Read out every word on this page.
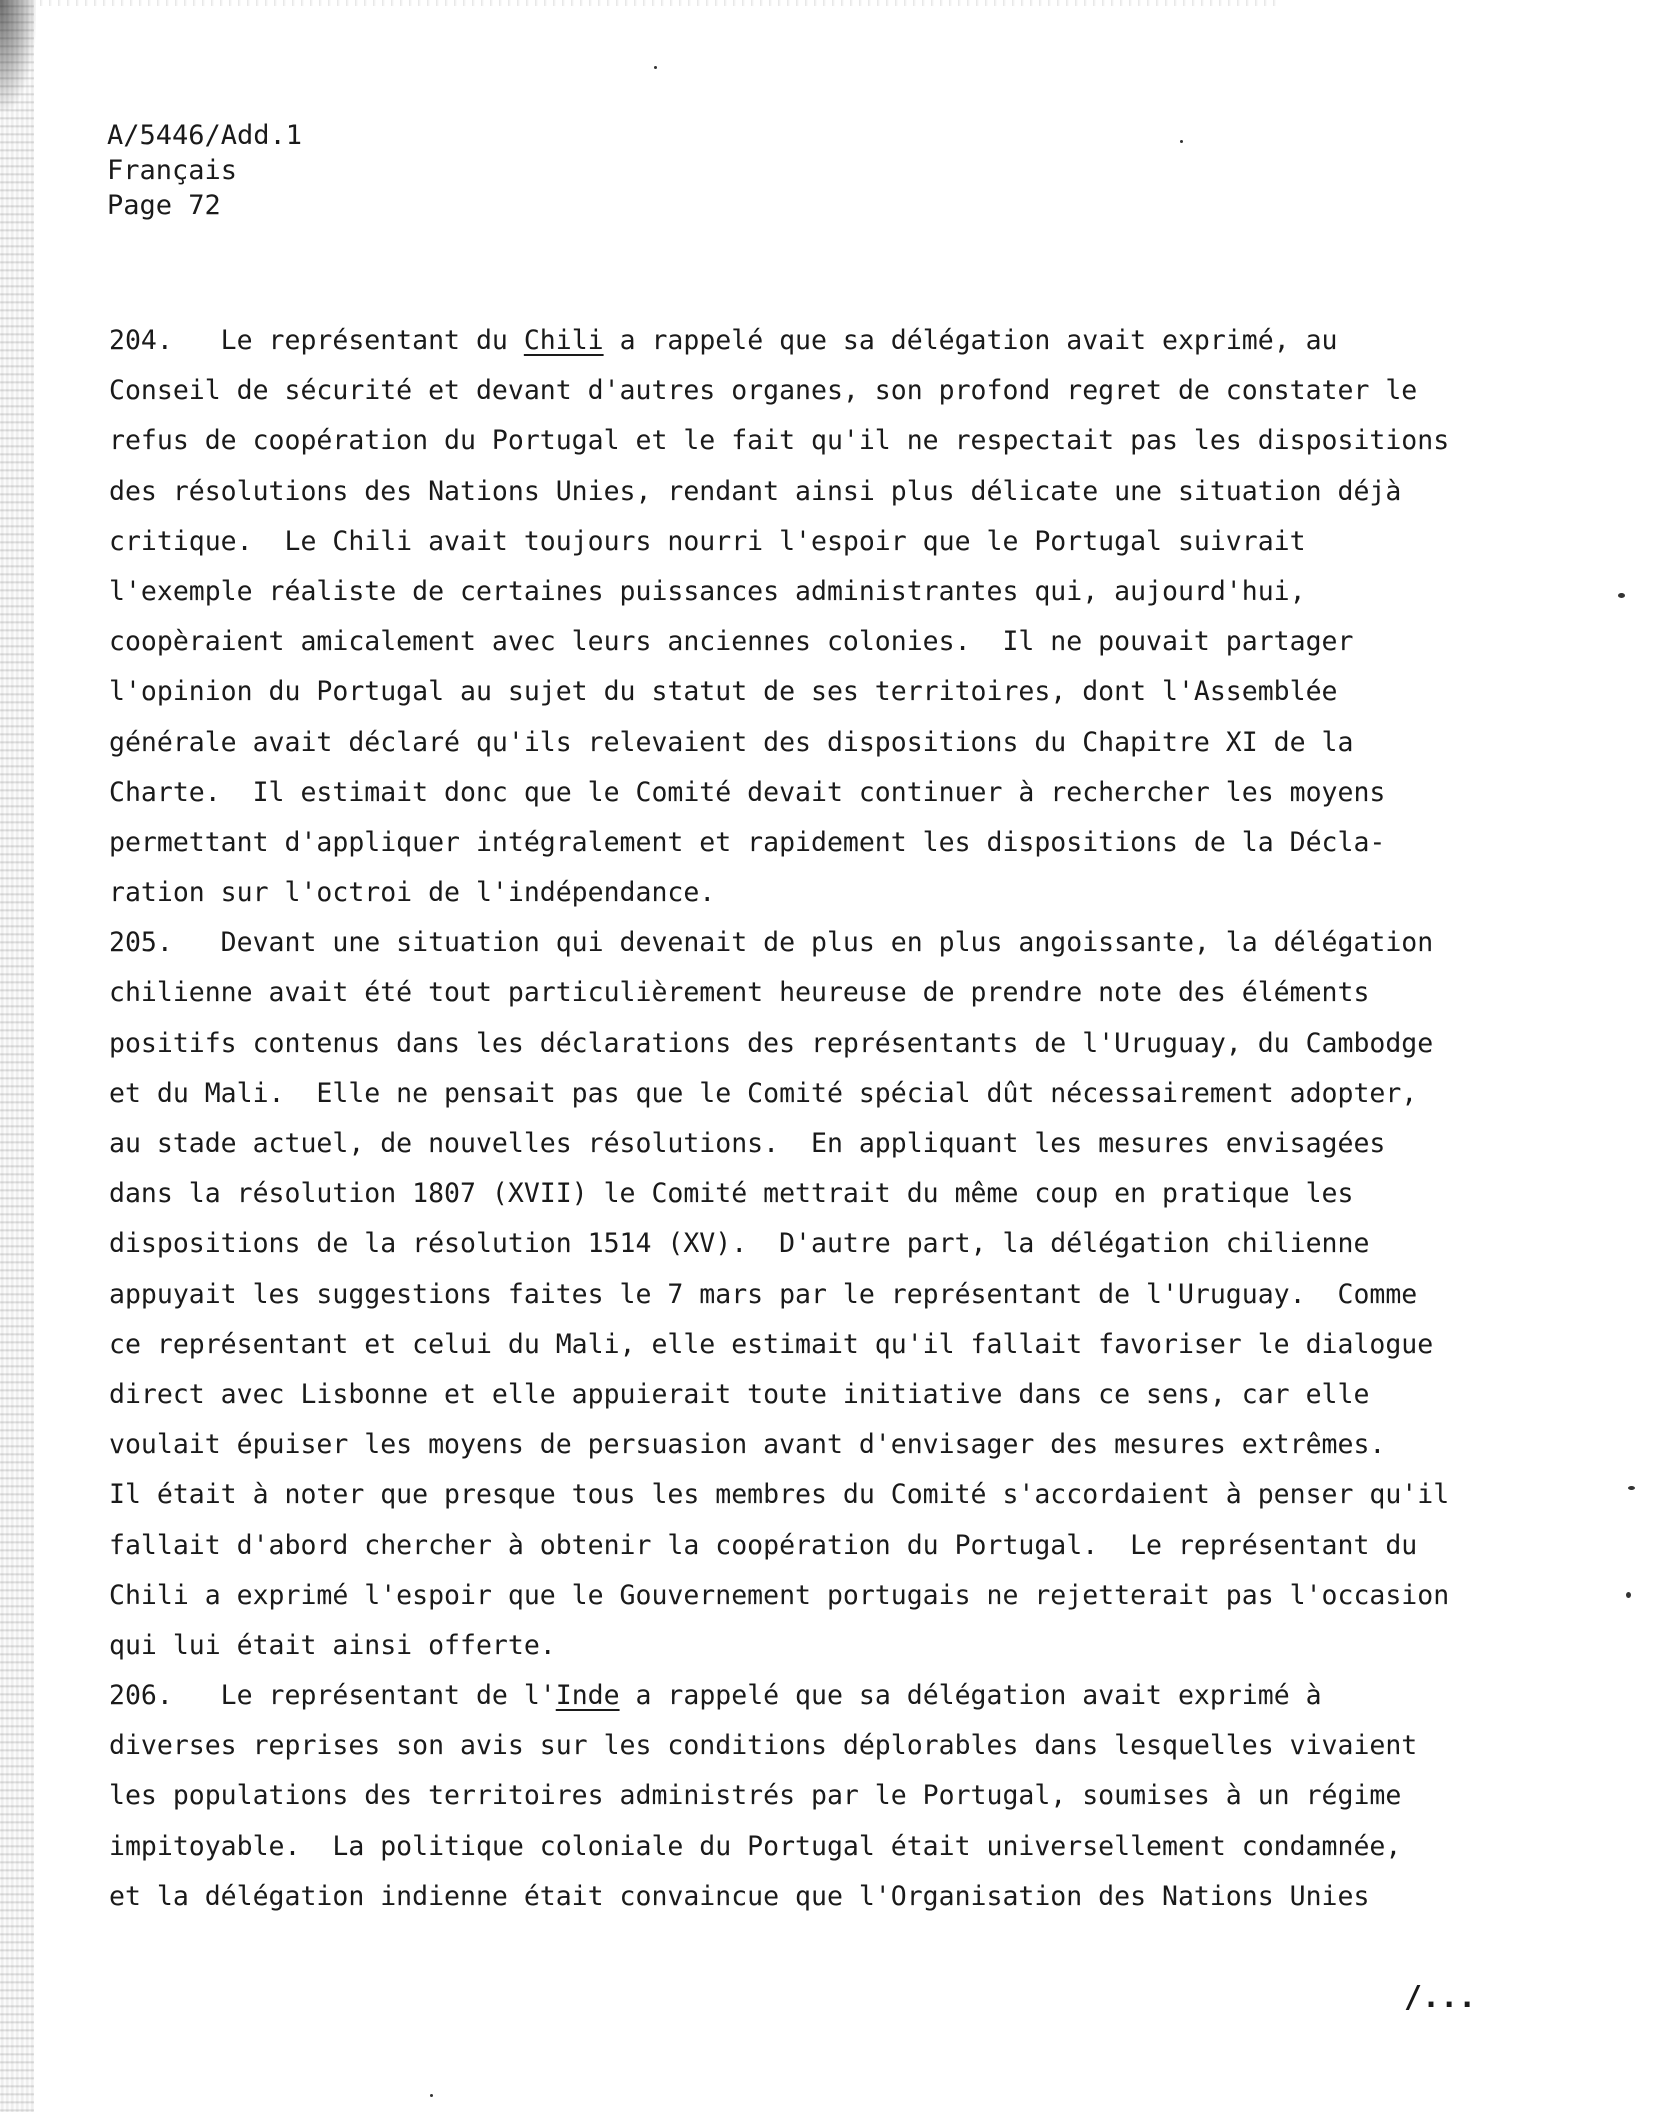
A/5446/Add.1
Français
Page 72
204.   Le représentant du Chili a rappelé que sa délégation avait exprimé, au
Conseil de sécurité et devant d'autres organes, son profond regret de constater le
refus de coopération du Portugal et le fait qu'il ne respectait pas les dispositions
des résolutions des Nations Unies, rendant ainsi plus délicate une situation déjà
critique.  Le Chili avait toujours nourri l'espoir que le Portugal suivrait
l'exemple réaliste de certaines puissances administrantes qui, aujourd'hui,
coopèraient amicalement avec leurs anciennes colonies.  Il ne pouvait partager
l'opinion du Portugal au sujet du statut de ses territoires, dont l'Assemblée
générale avait déclaré qu'ils relevaient des dispositions du Chapitre XI de la
Charte.  Il estimait donc que le Comité devait continuer à rechercher les moyens
permettant d'appliquer intégralement et rapidement les dispositions de la Décla-
ration sur l'octroi de l'indépendance.
205.   Devant une situation qui devenait de plus en plus angoissante, la délégation
chilienne avait été tout particulièrement heureuse de prendre note des éléments
positifs contenus dans les déclarations des représentants de l'Uruguay, du Cambodge
et du Mali.  Elle ne pensait pas que le Comité spécial dût nécessairement adopter,
au stade actuel, de nouvelles résolutions.  En appliquant les mesures envisagées
dans la résolution 1807 (XVII) le Comité mettrait du même coup en pratique les
dispositions de la résolution 1514 (XV).  D'autre part, la délégation chilienne
appuyait les suggestions faites le 7 mars par le représentant de l'Uruguay.  Comme
ce représentant et celui du Mali, elle estimait qu'il fallait favoriser le dialogue
direct avec Lisbonne et elle appuierait toute initiative dans ce sens, car elle
voulait épuiser les moyens de persuasion avant d'envisager des mesures extrêmes.
Il était à noter que presque tous les membres du Comité s'accordaient à penser qu'il
fallait d'abord chercher à obtenir la coopération du Portugal.  Le représentant du
Chili a exprimé l'espoir que le Gouvernement portugais ne rejetterait pas l'occasion
qui lui était ainsi offerte.
206.   Le représentant de l'Inde a rappelé que sa délégation avait exprimé à
diverses reprises son avis sur les conditions déplorables dans lesquelles vivaient
les populations des territoires administrés par le Portugal, soumises à un régime
impitoyable.  La politique coloniale du Portugal était universellement condamnée,
et la délégation indienne était convaincue que l'Organisation des Nations Unies
/...
